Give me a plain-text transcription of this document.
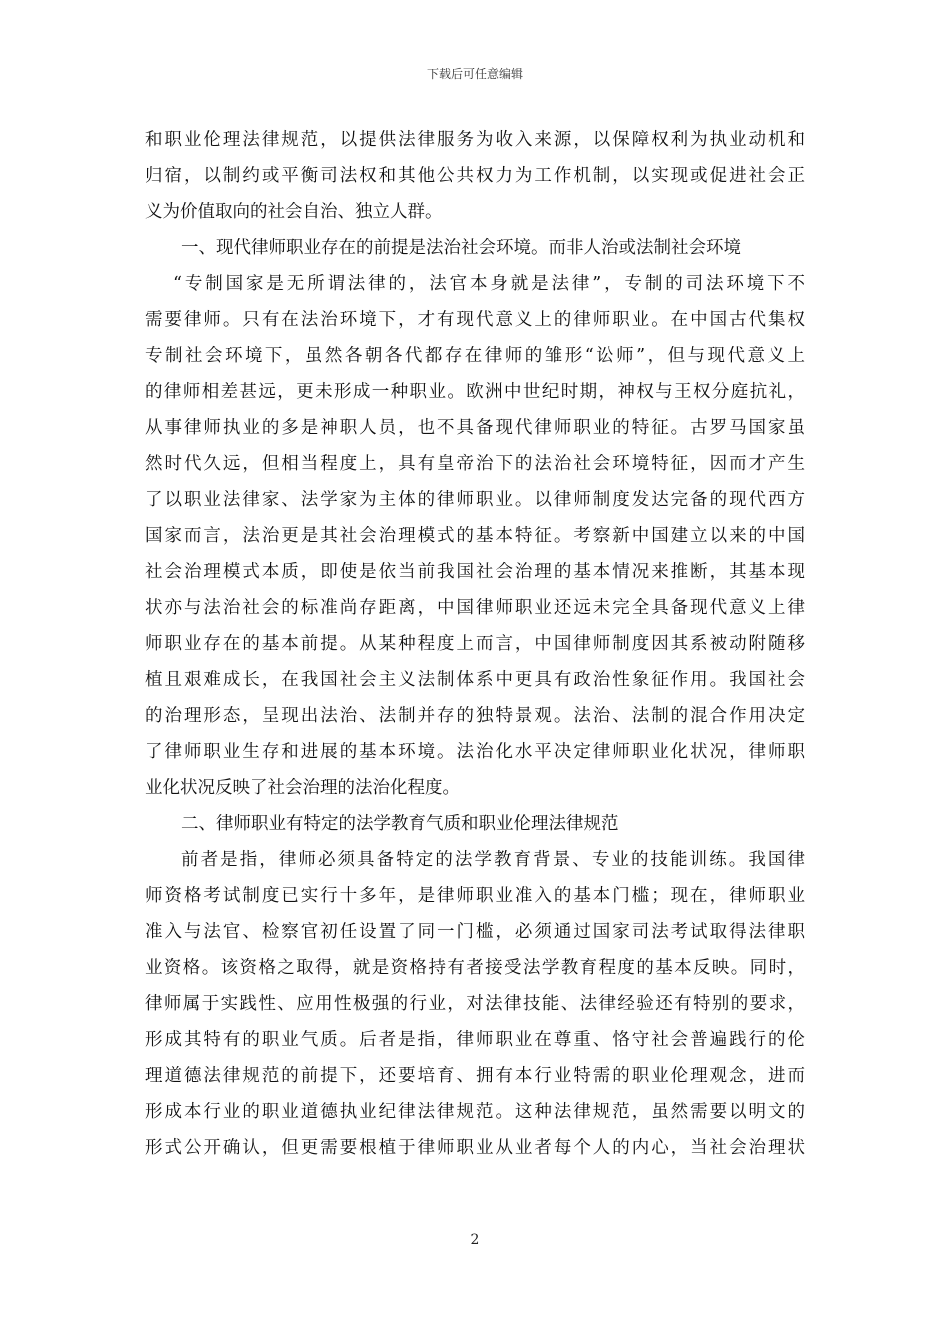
下载后可任意编辑
和职业伦理法律规范，以提供法律服务为收入来源，以保障权利为执业动机和
归宿，以制约或平衡司法权和其他公共权力为工作机制，以实现或促进社会正
义为价值取向的社会自治、独立人群。
一、现代律师职业存在的前提是法治社会环境。而非人治或法制社会环境
“专制国家是无所谓法律的，法官本身就是法律”，专制的司法环境下不
需要律师。只有在法治环境下，才有现代意义上的律师职业。在中国古代集权
专制社会环境下，虽然各朝各代都存在律师的雏形“讼师”，但与现代意义上
的律师相差甚远，更未形成一种职业。欧洲中世纪时期，神权与王权分庭抗礼，
从事律师执业的多是神职人员，也不具备现代律师职业的特征。古罗马国家虽
然时代久远，但相当程度上，具有皇帝治下的法治社会环境特征，因而才产生
了以职业法律家、法学家为主体的律师职业。以律师制度发达完备的现代西方
国家而言，法治更是其社会治理模式的基本特征。考察新中国建立以来的中国
社会治理模式本质，即使是依当前我国社会治理的基本情况来推断，其基本现
状亦与法治社会的标准尚存距离，中国律师职业还远未完全具备现代意义上律
师职业存在的基本前提。从某种程度上而言，中国律师制度因其系被动附随移
植且艰难成长，在我国社会主义法制体系中更具有政治性象征作用。我国社会
的治理形态，呈现出法治、法制并存的独特景观。法治、法制的混合作用决定
了律师职业生存和进展的基本环境。法治化水平决定律师职业化状况，律师职
业化状况反映了社会治理的法治化程度。
二、律师职业有特定的法学教育气质和职业伦理法律规范
前者是指，律师必须具备特定的法学教育背景、专业的技能训练。我国律
师资格考试制度已实行十多年，是律师职业准入的基本门槛；现在，律师职业
准入与法官、检察官初任设置了同一门槛，必须通过国家司法考试取得法律职
业资格。该资格之取得，就是资格持有者接受法学教育程度的基本反映。同时，
律师属于实践性、应用性极强的行业，对法律技能、法律经验还有特别的要求，
形成其特有的职业气质。后者是指，律师职业在尊重、恪守社会普遍践行的伦
理道德法律规范的前提下，还要培育、拥有本行业特需的职业伦理观念，进而
形成本行业的职业道德执业纪律法律规范。这种法律规范，虽然需要以明文的
形式公开确认，但更需要根植于律师职业从业者每个人的内心，当社会治理状
2
